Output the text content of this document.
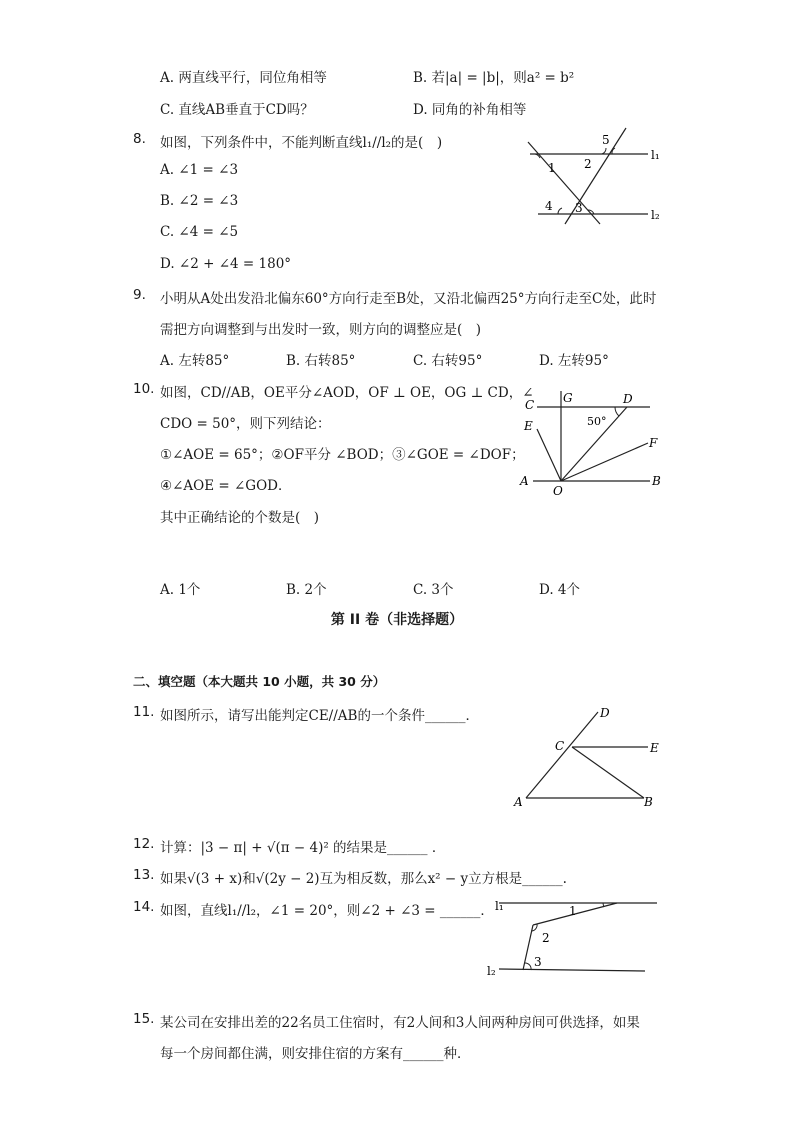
A. 两直线平行，同位角相等	B. 若|a| = |b|，则a² = b²
C. 直线AB垂直于CD吗？	D. 同角的补角相等
8. 如图，下列条件中，不能判断直线l₁//l₂的是(　)
A. ∠1 = ∠3
B. ∠2 = ∠3
C. ∠4 = ∠5
D. ∠2 + ∠4 = 180°
1 2
5
4 3
l₁
l₂
9. 小明从A处出发沿北偏东60°方向行走至B处，又沿北偏西25°方向行走至C处，此时
需把方向调整到与出发时一致，则方向的调整应是(　)
A. 左转85°	B. 右转85°	C. 右转95°	D. 左转95°
10. 如图，CD//AB，OE平分∠AOD，OF ⊥ OE，OG ⊥ CD，∠
CDO = 50°，则下列结论：
①∠AOE = 65°；②OF平分 ∠BOD；③∠GOE = ∠DOF；
④∠AOE = ∠GOD．
其中正确结论的个数是(　)
C G	D
E
F
A
O
B
50°
A. 1个	B. 2个	C. 3个	D. 4个
第 II 卷（非选择题）
二、填空题（本大题共 10 小题，共 30 分）
11. 如图所示，请写出能判定CE//AB的一个条件______．	D
C	E
A	B
12. 计算：|3 − π| + √(π − 4)² 的结果是______ ．
13. 如果√(3 + x)和√(2y − 2)互为相反数，那么x² − y立方根是______.
14. 如图，直线l₁//l₂，∠1 = 20°，则∠2 + ∠3 = ______． l₁
l₂
1
2
3
15. 某公司在安排出差的22名员工住宿时，有2人间和3人间两种房间可供选择，如果
每一个房间都住满，则安排住宿的方案有______种．
